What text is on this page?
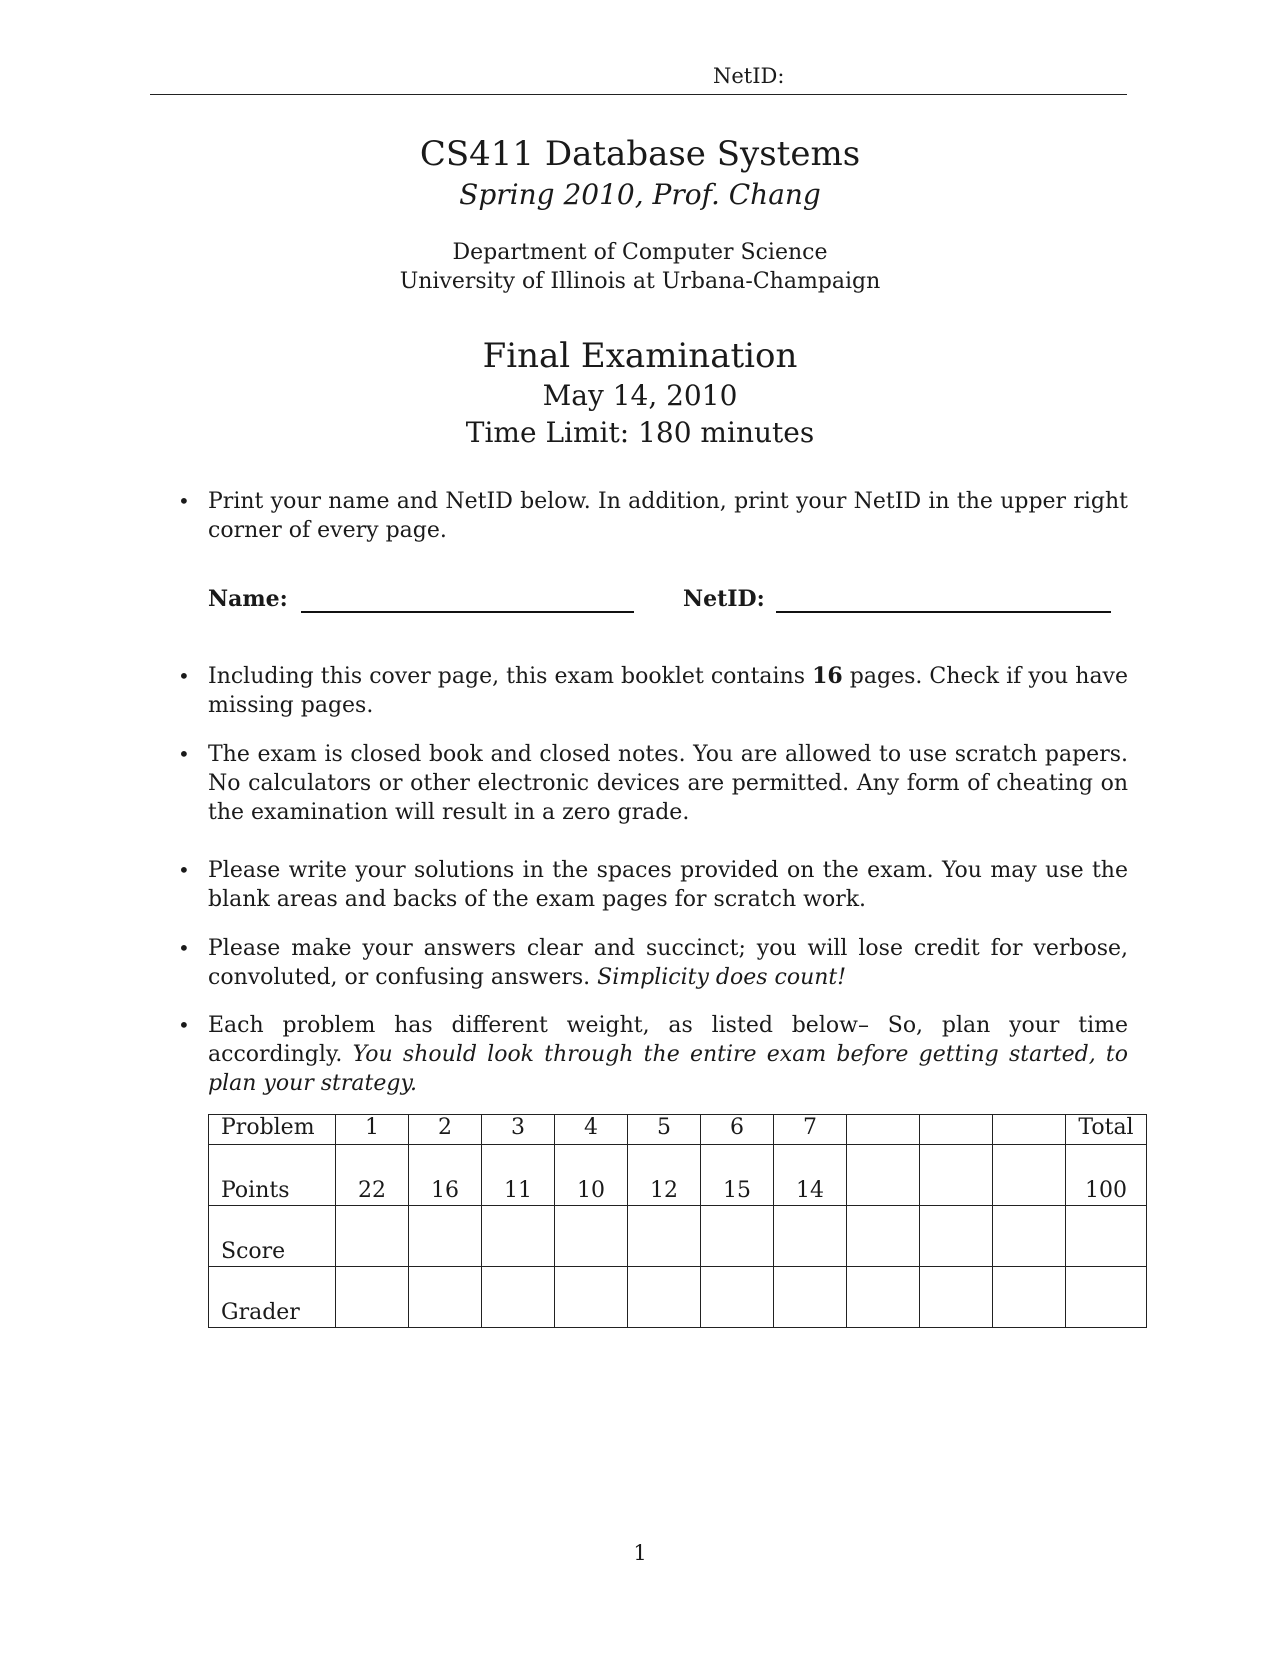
NetID:
CS411 Database Systems
Spring 2010, Prof. Chang
Department of Computer Science
University of Illinois at Urbana-Champaign
Final Examination
May 14, 2010
Time Limit: 180 minutes
• Print your name and NetID below. In addition, print your NetID in the upper right corner of every page.
Name:	NetID:
• Including this cover page, this exam booklet contains 16 pages. Check if you have missing pages.
• The exam is closed book and closed notes. You are allowed to use scratch papers. No calculators or other electronic devices are permitted. Any form of cheating on the examination will result in a zero grade.
• Please write your solutions in the spaces provided on the exam. You may use the blank areas and backs of the exam pages for scratch work.
• Please make your answers clear and succinct; you will lose credit for verbose, convoluted, or confusing answers. Simplicity does count!
• Each problem has different weight, as listed below– So, plan your time accordingly. You should look through the entire exam before getting started, to plan your strategy.
Problem	1	2	3	4	5	6	7				Total
Points	22	16	11	10	12	15	14				100
Score											
Grader											
1
